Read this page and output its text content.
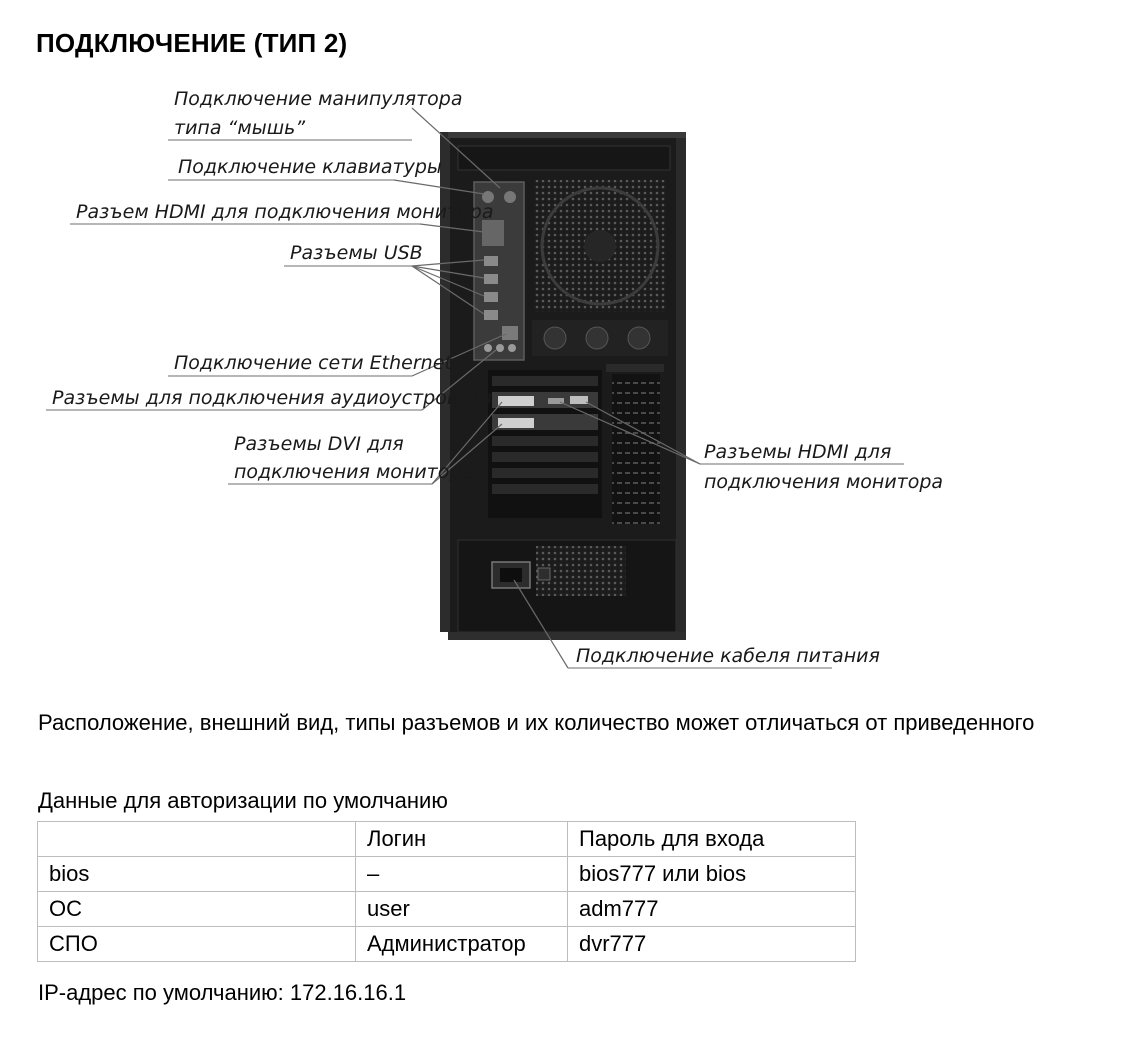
ПОДКЛЮЧЕНИЕ (ТИП 2)
Подключение манипулятора
типа “мышь”
Подключение клавиатуры
Разъем HDMI для подключения монитора
Разъемы USB
Подключение сети Ethernet
Разъемы для подключения аудиоустройств
Разъемы DVI для
подключения монитора
Разъемы HDMI для
подключения монитора
Подключение кабеля питания

Расположение, внешний вид, типы разъемов и их количество может отличаться от приведенного

Данные для авторизации по умолчанию

	Логин	Пароль для входа
bios	–	bios777 или bios
ОС	user	adm777
СПО	Администратор	dvr777

IP-адрес по умолчанию: 172.16.16.1
